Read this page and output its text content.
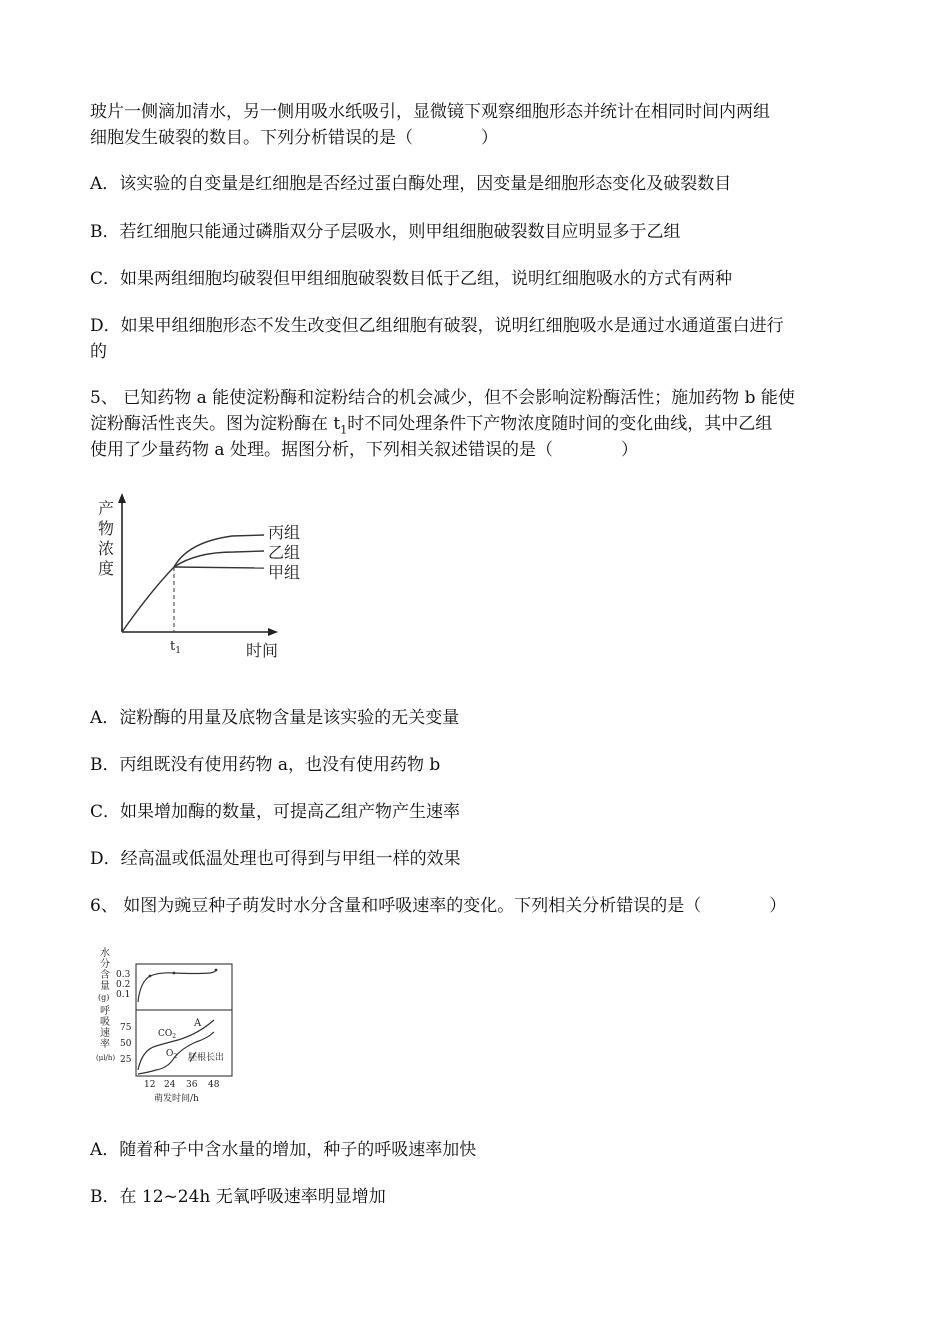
玻片一侧滴加清水，另一侧用吸水纸吸引，显微镜下观察细胞形态并统计在相同时间内两组
细胞发生破裂的数目。下列分析错误的是（　　　　）
A．该实验的自变量是红细胞是否经过蛋白酶处理，因变量是细胞形态变化及破裂数目
B．若红细胞只能通过磷脂双分子层吸水，则甲组细胞破裂数目应明显多于乙组
C．如果两组细胞均破裂但甲组细胞破裂数目低于乙组，说明红细胞吸水的方式有两种
D．如果甲组细胞形态不发生改变但乙组细胞有破裂，说明红细胞吸水是通过水通道蛋白进行
的
5、 已知药物 a 能使淀粉酶和淀粉结合的机会减少，但不会影响淀粉酶活性；施加药物 b 能使
淀粉酶活性丧失。图为淀粉酶在 $t_1$时不同处理条件下产物浓度随时间的变化曲线，其中乙组
使用了少量药物 a 处理。据图分析，下列相关叙述错误的是（　　　　）
产
物
浓
度
丙组
乙组
甲组
$t_1$	时间
A．淀粉酶的用量及底物含量是该实验的无关变量
B．丙组既没有使用药物 a，也没有使用药物 b
C．如果增加酶的数量，可提高乙组产物产生速率
D．经高温或低温处理也可得到与甲组一样的效果
6、 如图为豌豆种子萌发时水分含量和呼吸速率的变化。下列相关分析错误的是（　　　　）
水
分
含
量
(g)
呼
吸
速
率
(μl/h)
0.3
0.2
0.1
75
50
25
$CO_2$
A
$O_2$ 胚根长出
12 24 36 48
萌发时间/h
A．随着种子中含水量的增加，种子的呼吸速率加快
B．在 12~24h 无氧呼吸速率明显增加
